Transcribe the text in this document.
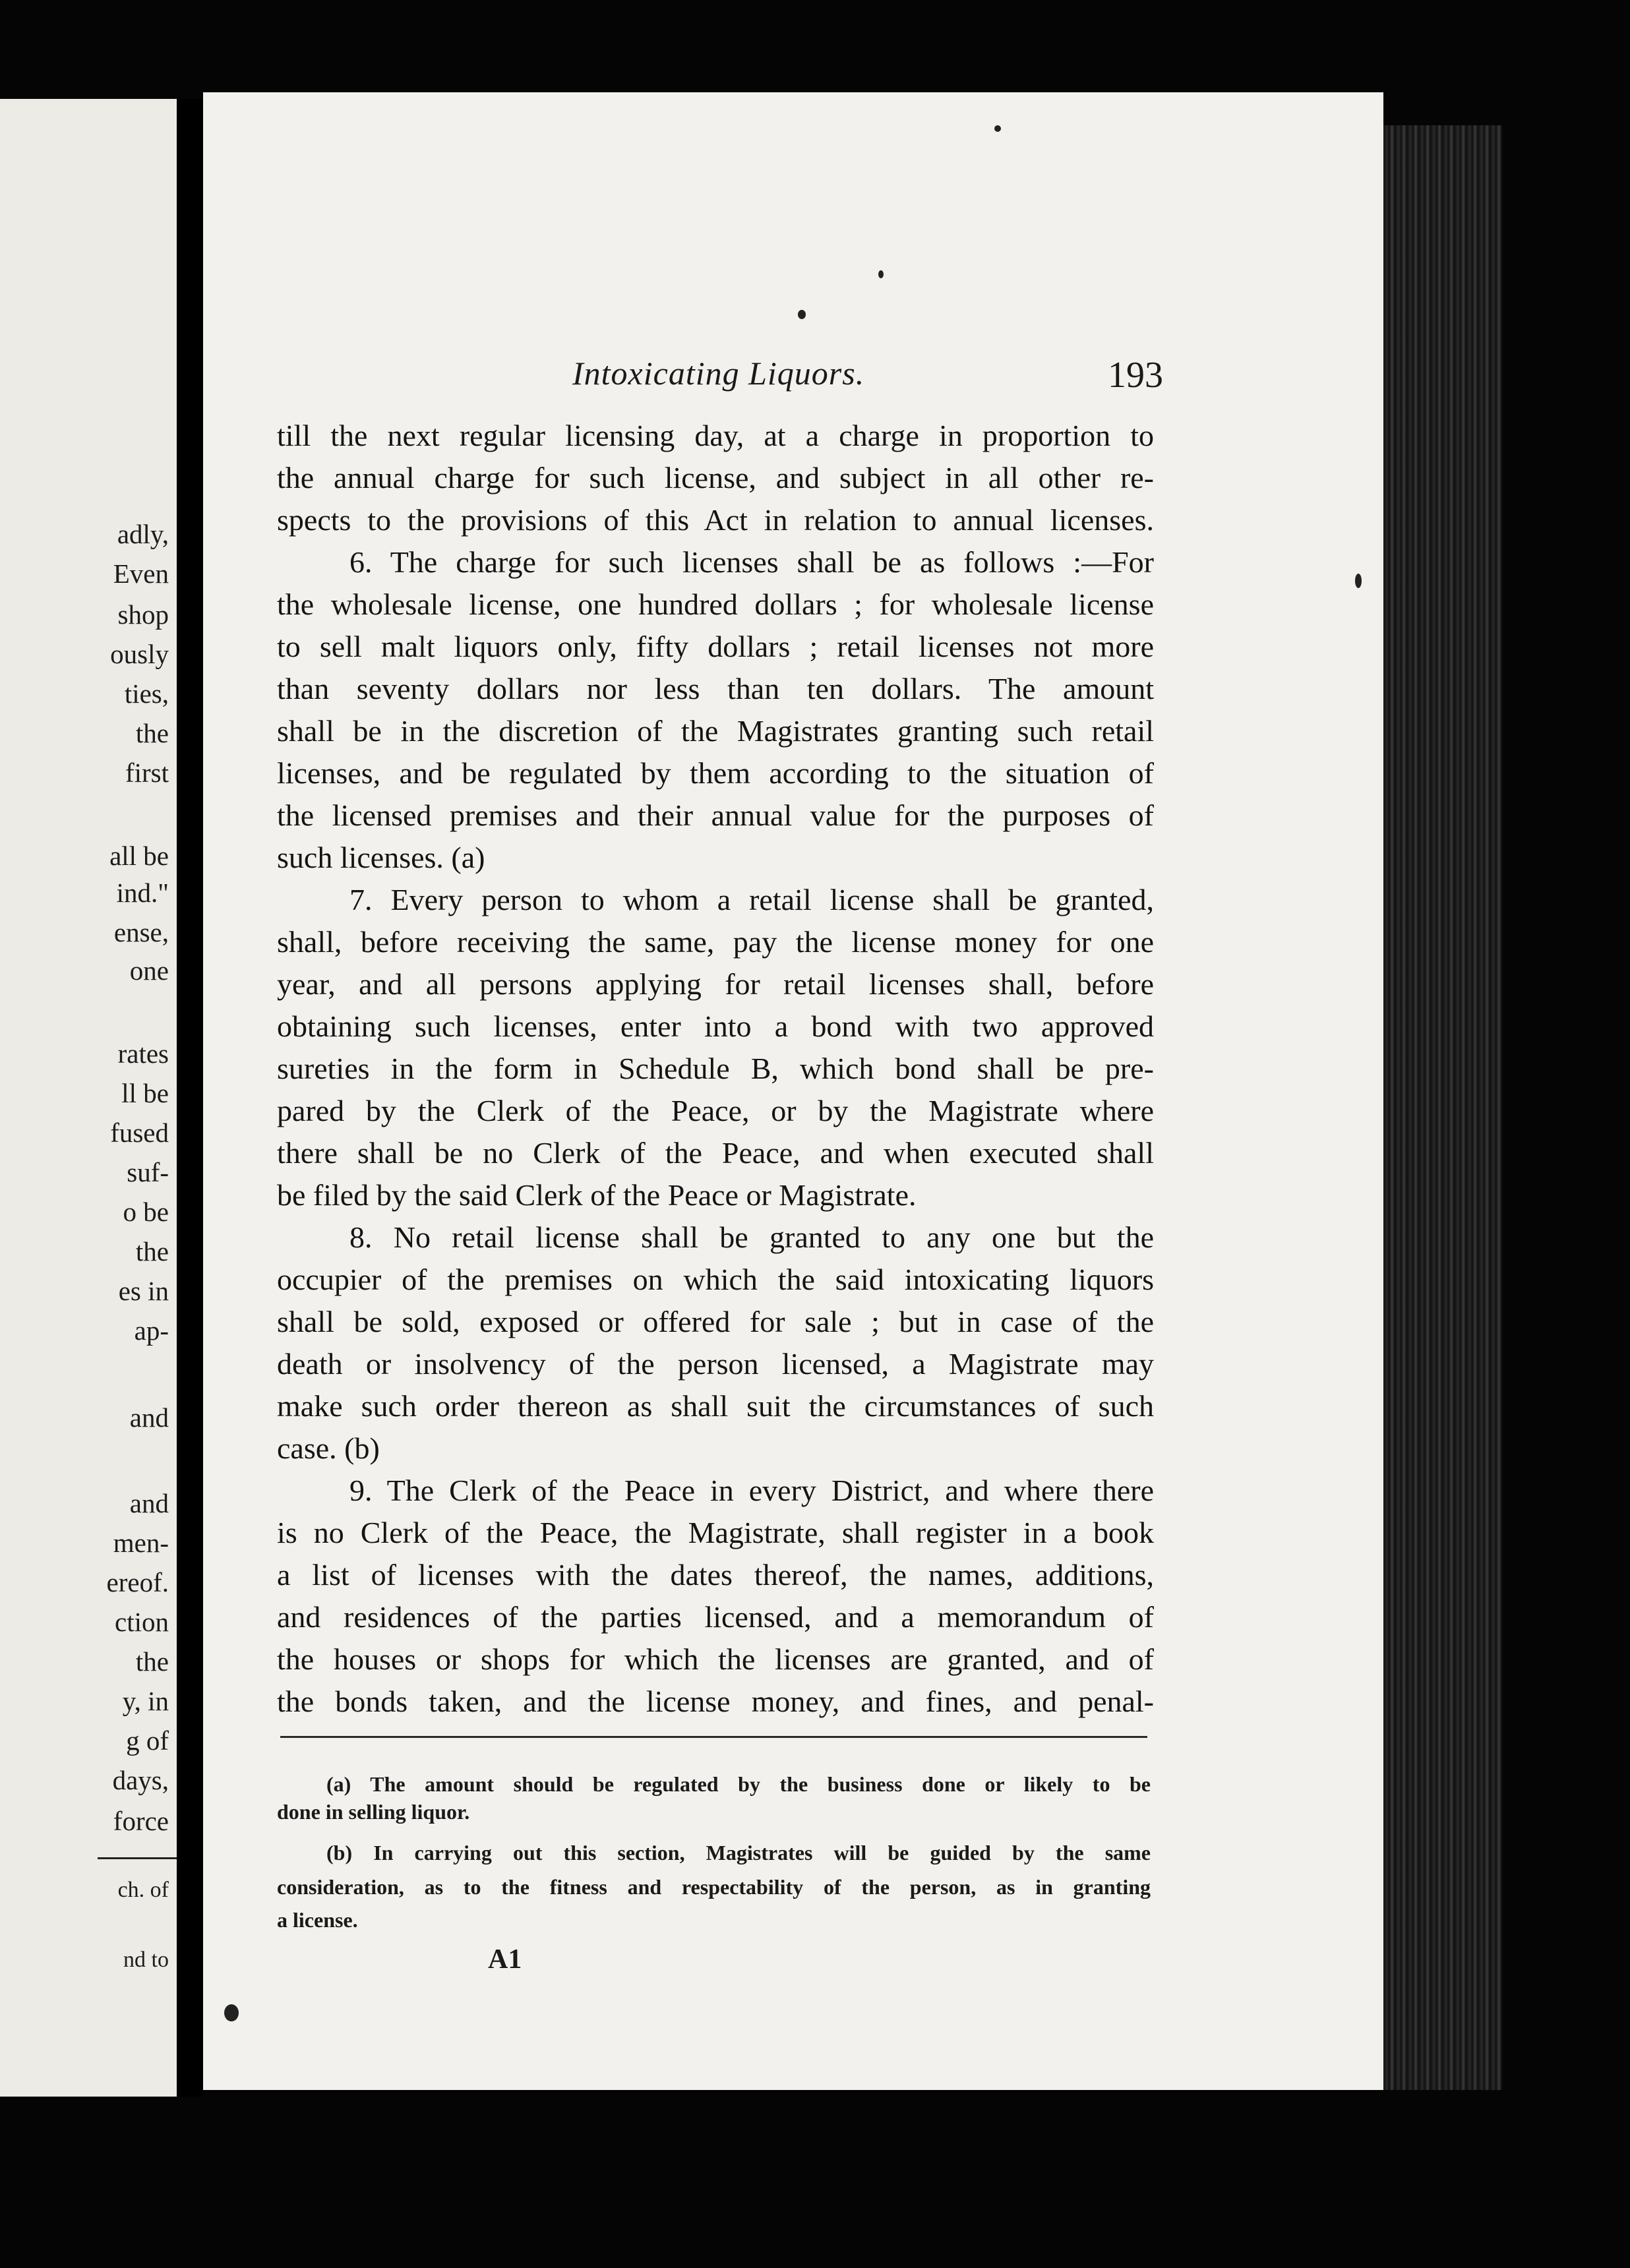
adly,
Even
shop
ously
ties,
the
first
all be
ind."
ense,
one
rates
ll be
fused
suf-
o be
the
es in
ap-
and
and
men-
ereof.
ction
the
y, in
g of
days,
force
ch. of
nd to
Intoxicating Liquors.	193
till the next regular licensing day, at a charge in proportion to
the annual charge for such license, and subject in all other re-
spects to the provisions of this Act in relation to annual licenses.
6. The charge for such licenses shall be as follows :—For
the wholesale license, one hundred dollars ; for wholesale license
to sell malt liquors only, fifty dollars ; retail licenses not more
than seventy dollars nor less than ten dollars. The amount
shall be in the discretion of the Magistrates granting such retail
licenses, and be regulated by them according to the situation of
the licensed premises and their annual value for the purposes of
such licenses. (a)
7. Every person to whom a retail license shall be granted,
shall, before receiving the same, pay the license money for one
year, and all persons applying for retail licenses shall, before
obtaining such licenses, enter into a bond with two approved
sureties in the form in Schedule B, which bond shall be pre-
pared by the Clerk of the Peace, or by the Magistrate where
there shall be no Clerk of the Peace, and when executed shall
be filed by the said Clerk of the Peace or Magistrate.
8. No retail license shall be granted to any one but the
occupier of the premises on which the said intoxicating liquors
shall be sold, exposed or offered for sale ; but in case of the
death or insolvency of the person licensed, a Magistrate may
make such order thereon as shall suit the circumstances of such
case. (b)
9. The Clerk of the Peace in every District, and where there
is no Clerk of the Peace, the Magistrate, shall register in a book
a list of licenses with the dates thereof, the names, additions,
and residences of the parties licensed, and a memorandum of
the houses or shops for which the licenses are granted, and of
the bonds taken, and the license money, and fines, and penal-
(a) The amount should be regulated by the business done or likely to be
done in selling liquor.
(b) In carrying out this section, Magistrates will be guided by the same
consideration, as to the fitness and respectability of the person, as in granting
a license.
A1
